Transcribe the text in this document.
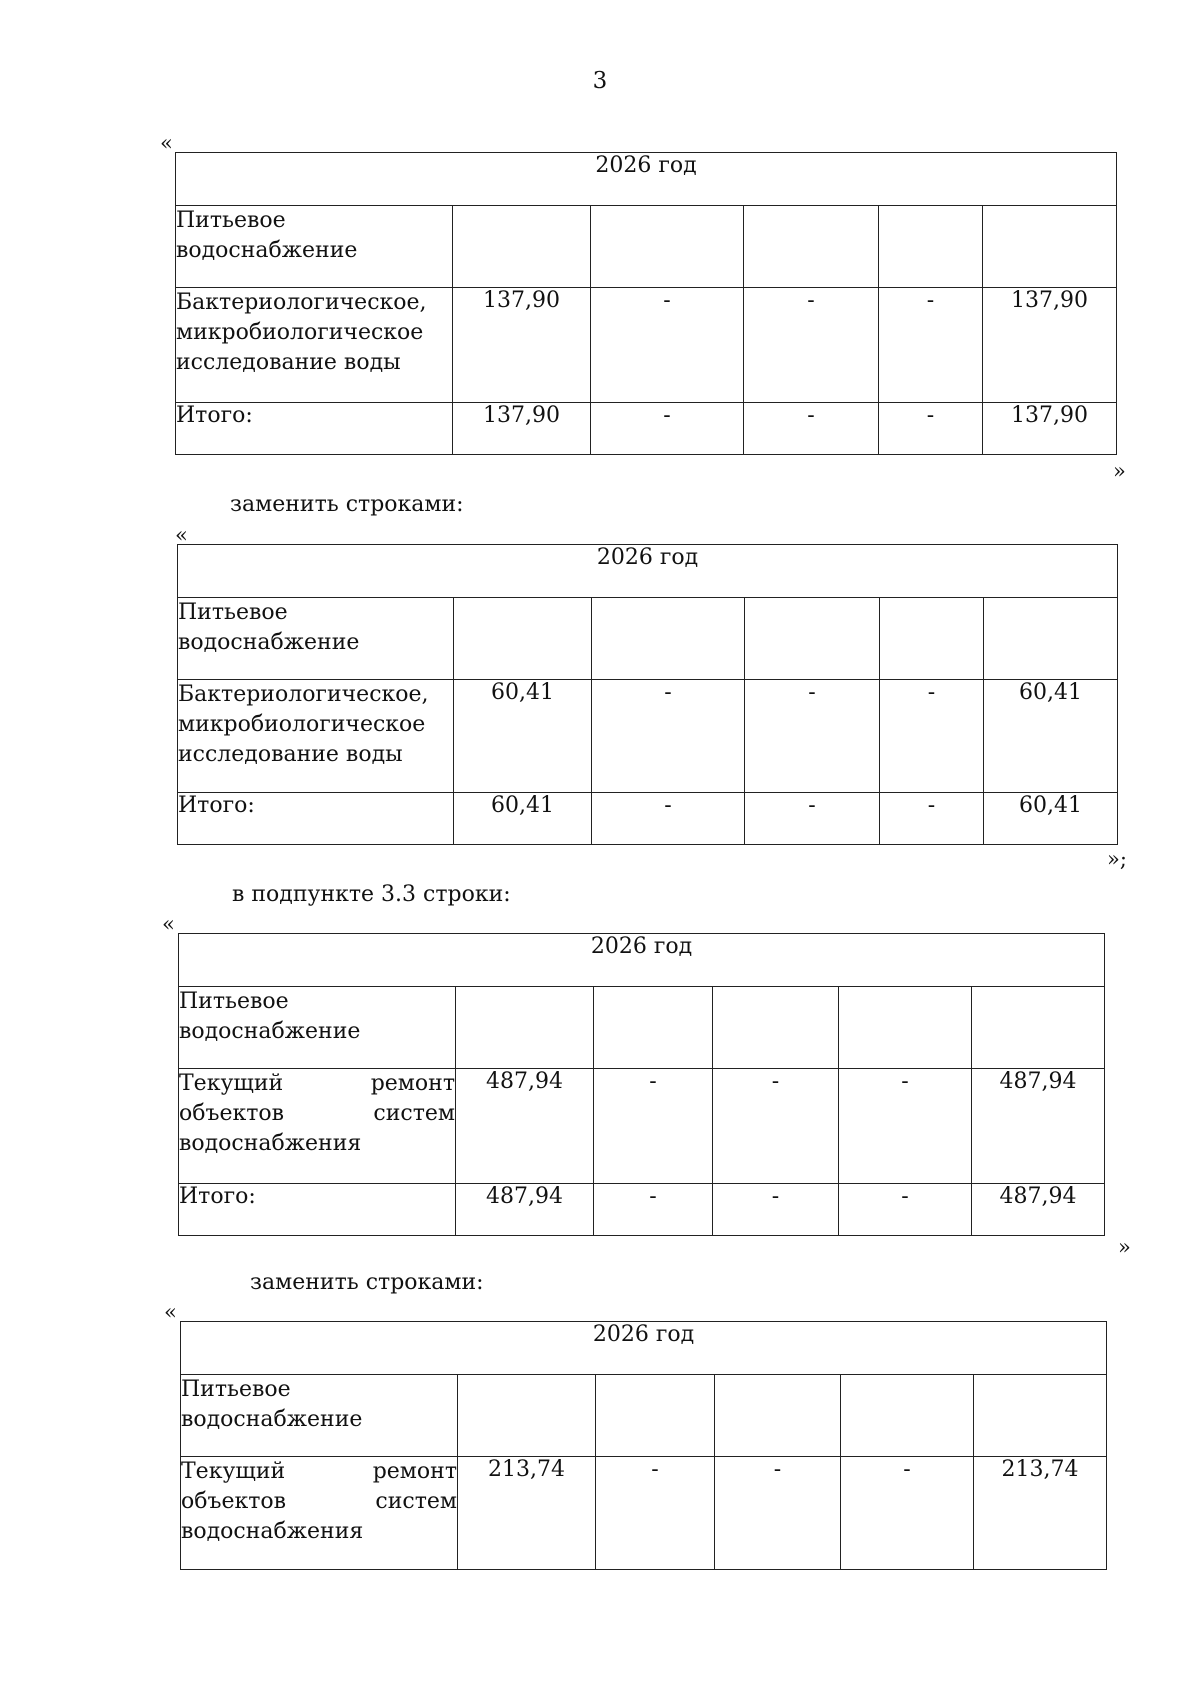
3
«
2026 год					

Питьевое
водоснабжение					

Бактериологическое,
микробиологическое
исследование воды	137,90	-	-	-	137,90
Итого:	137,90	-	-	-	137,90
»
заменить строками:
«
2026 год					

Питьевое
водоснабжение					

Бактериологическое,
микробиологическое
исследование воды	60,41	-	-	-	60,41
Итого:	60,41	-	-	-	60,41
»;
в подпункте 3.3 строки:
«
2026 год					

Питьевое
водоснабжение					

Текущий ремонт
объектов систем
водоснабжения	487,94	-	-	-	487,94
Итого:	487,94	-	-	-	487,94
»
заменить строками:
«
2026 год					

Питьевое
водоснабжение					

Текущий ремонт
объектов систем
водоснабжения	213,74	-	-	-	213,74
